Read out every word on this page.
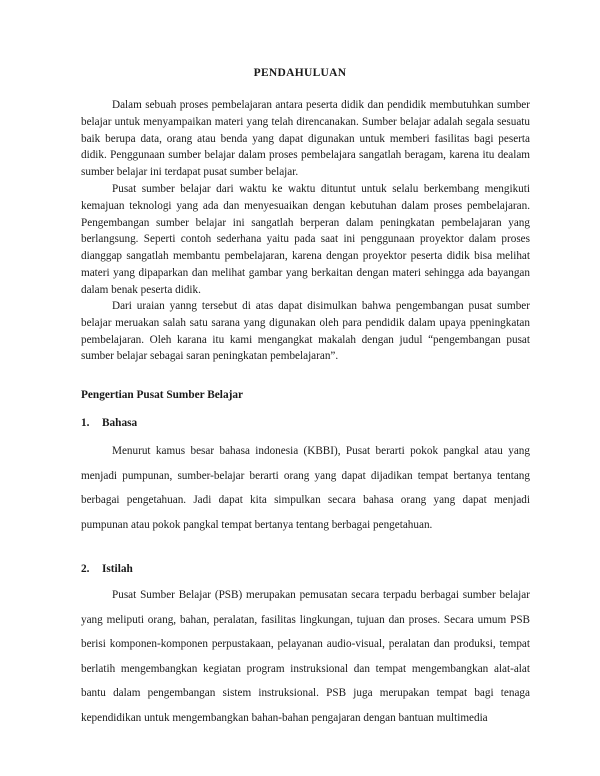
PENDAHULUAN

Dalam sebuah proses pembelajaran antara peserta didik dan pendidik membutuhkan sumber belajar untuk menyampaikan materi yang telah direncanakan. Sumber belajar adalah segala sesuatu baik berupa data, orang atau benda yang dapat digunakan untuk memberi fasilitas bagi peserta didik. Penggunaan sumber belajar dalam proses pembelajara sangatlah beragam, karena itu dealam sumber belajar ini terdapat pusat sumber belajar.

Pusat sumber belajar dari waktu ke waktu dituntut untuk selalu berkembang mengikuti kemajuan teknologi yang ada dan menyesuaikan dengan kebutuhan dalam proses pembelajaran. Pengembangan sumber belajar ini sangatlah berperan dalam peningkatan pembelajaran yang berlangsung. Seperti contoh sederhana yaitu pada saat ini penggunaan proyektor dalam proses dianggap sangatlah membantu pembelajaran, karena dengan proyektor peserta didik bisa melihat materi yang dipaparkan dan melihat gambar yang berkaitan dengan materi sehingga ada bayangan dalam benak peserta didik.

Dari uraian yanng tersebut di atas dapat disimulkan bahwa pengembangan pusat sumber belajar meruakan salah satu sarana yang digunakan oleh para pendidik dalam upaya ppeningkatan pembelajaran. Oleh karana itu kami mengangkat makalah dengan judul “pengembangan pusat sumber belajar sebagai saran peningkatan pembelajaran”.

Pengertian Pusat Sumber Belajar
1. Bahasa

Menurut kamus besar bahasa indonesia (KBBI), Pusat berarti pokok pangkal atau yang menjadi pumpunan, sumber-belajar berarti orang yang dapat dijadikan tempat bertanya tentang berbagai pengetahuan. Jadi dapat kita simpulkan secara bahasa orang yang dapat menjadi pumpunan atau pokok pangkal tempat bertanya tentang berbagai pengetahuan.

2. Istilah

Pusat Sumber Belajar (PSB) merupakan pemusatan secara terpadu berbagai sumber belajar yang meliputi orang, bahan, peralatan, fasilitas lingkungan, tujuan dan proses. Secara umum PSB berisi komponen-komponen perpustakaan, pelayanan audio-visual, peralatan dan produksi, tempat berlatih mengembangkan kegiatan program instruksional dan tempat mengembangkan alat-alat bantu dalam pengembangan sistem instruksional. PSB juga merupakan tempat bagi tenaga kependidikan untuk mengembangkan bahan-bahan pengajaran dengan bantuan multimedia
